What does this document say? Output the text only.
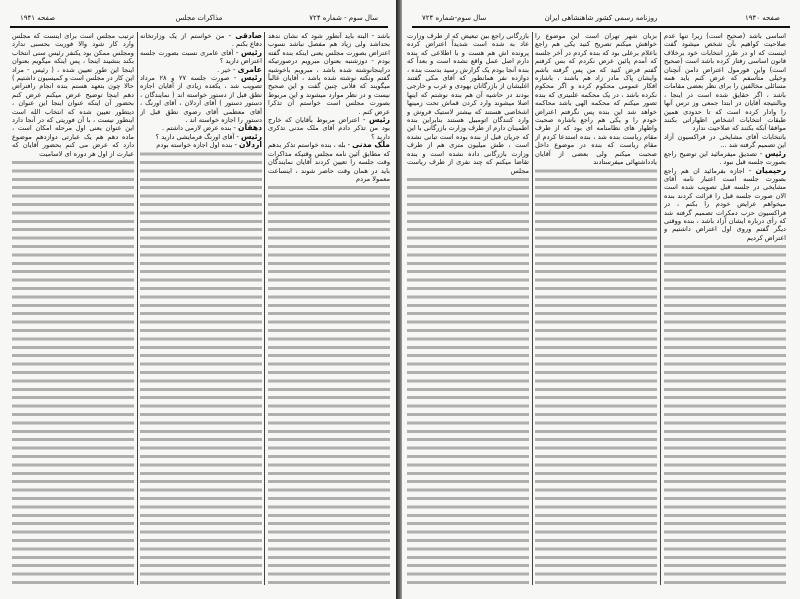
سال سوم - شماره ۷۲۴
مذاکرات مجلس
صفحه ۱۹۴۱

باشد - البته باید آنطور شود که نشان ندهد بحداشد ولی زیاد هم مفصل نباشد نسوب اعتراض بصورت مجلس یعنی اینکه بنده گفته بودم - دوزشنبه بعنوان مبرویم درصورتیکه دراینجانوشته شده باشد ، مبرویم باخوشیه گفتم ونکته نوشته شده باشد ، آقایان غالباً میگویند که فلانی چنین گفت و این صحیح نیست و در نظر موارد میشوند و این مربوط بصورت مجلس است خواستم آن تذکرا عرض کنم .

رئیس - اعتراض مربوط بآقایان که خارج بود من تذکر دادم آقای ملک مدنی تذکری دارید ؟

ملک مدنی - بله ، بنده خواستم تذکر بدهم که مطابق آئین نامه مجلس وقتیکه مذاکرات وقت جلسه را تعیین کردند آقایان نمایندگان باید در همان وقت حاضر شوند ، اینساعت معمولا مردم

صادقی - من خواستم از یک وزارتخانه دفاع بکنم .

رئیس - آقای عامری نسبت بصورت جلسه اعتراض دارید ؟

عامری - خیر .

رئیس - صورت جلسه ۲۷ و ۲۸ مرداد تصویب شد ، یکعده زیادی از آقایان اجازه نطق قبل از دستور خواسته اند ( نمایندگان ، دستور دستور ) آقای اردلان ، آقای اورنگ ، آقای معظمی آقای رضوی نطق قبل از دستور را اجازه خواسته اند .

دهقان - بنده عرض لازمی داشتم .

رئیس - آقای اورنگ فرمایشی دارید ؟

اردلان - بنده اول اجازه خواسته بودم

ترتیب مجلس است برای اینست که مجلس وارد کار شود والا فوریت بحسبی ندارد ومجلس ممکن بود یکنفر رئیس سنی انتخاب بکند بنشیند اینجا ، پس اینکه میگویم بعنوان اینجا این طور تعیین شده ، ( رئیس - مراد این کار در مجلس است و کمیسیون داشتیم ) حالا چون بتعهد هستم بنده انجام رافتراض دهم اینجا توضیح عرض میکنم عرض کنم بحضور آن اینکه عنوان اینجا این عنوان ، دیتطور تعیین شده که انتخاب الله است اینطور نیست ، با آن فوریتی که در آنجا دارد این عنوان یعنی اول مرحله امکان است ، ماده دهم هم یک عبارتی دوازدهم موضوع دارد که عرض می کنم بحضور آقایان که عبارت از اول هر دوره ای لاسامیت

صفحه ۱۹۴۰
روزنامه رسمی کشور شاهنشاهی ایران
سال سوم-شماره ۷۲۴

اساسی باشد (صحیح است) زیرا تنها عدم صلاحیت کواهیم بآن شخص میشود گفت اینست که او در طرز انتخابات خود برخلاف قانون اساسی رفتار کرده باشد است (صحیح است) واین فورمول اعتراض دامن آنچنان وخیلی متأسفم که عرض کنم باید همه مسائلی مخالفین را برای نظر بعضی مقامات باشد ، اگر حقایق شده است در اینجا ، وبالنتیجه آقایان در ابتدا جمعی وز ترس آنها را وادار کرده است که تا حدودی همین طبقات انتخابات اشخاص اظهاراتی بکنند موافقا آنکه بکنند که صلاحیت ندارد

بانتخابات آقای مشایخی در فراکسیون آزاد این تصمیم گرفته شد ...

رئیس - تصدیق میفرمائید این توضیح راجع بصورت جلسه قبل نبود .

رحیمیان - اجازه بفرمائید ان هم راجع بصورت جلسه است اعتبار نامه آقای مشایخی در جلسه قبل تصویب شده است الان صورت جلسه قبل را قرائت کردند بنده میخواهم عرایض خودم را بکنم ، در فراکسیون حزب دمکرات تصمیم گرفته شد که رأی درباره ایشان آزاد باشد ، بنده ووقتی دیگر گفتم وروی اول اعتراض داشتیم و اعتراض کردیم

بزبان شهر تهران است این موضوع را خواهش میکنم تصریح کنید یکی هم راجع باعلام برعلی بود که بنده کردم در آخر جلسه که آمدم پائین عرض نکردم که بس کرفتم گفتم فرض کنید که من پس گرفته باشم وایشان پاک مادر زاد هم باشند ، باشاره افکار عمومی محکوم کرده و اگر محکوم نکرده باشد ، در یک محکمه علنیتری که بنده تصور میکنم که محکمه الهی باشد محاکمه خواهد شد این بنده پس نگرفتم اعتراض خودم را و یکی هم راجع باشاره صحبت واظهار های نظامنامه ای بود که از طرف مقام ریاست بنده شد ، بنده استدعا کردم از مقام ریاست که بنده در موضوع داخل صحبت میکنم ولی بعضی از آقایان یادداشتهائی میفرستادند

بازرگانی راجع بین تبعیض که از طرف وزارت عاد به شده است شدیداً اعتراض کرده پرونده اش هم هست و با اطلاعی که بنده دارم اصل عمل واقع نشده است و بعداً که بنده آنجا بودم یک گزارش رسید بدست بنده ، دوازده نفر همانطور که آقای مکی گفتند اغلبشان از بازرگانان یهودی و عرب و خارجی بودند در حاشیه آن هم بنده نوشتم که اینها اصلا میشوند وارد کردن قماش تحت زمینها اشخاصی هستند که بیشتر لاستیک فروش و وارد کنندگان اتومبیل هستند بنابراین بنده اطمینان دارم از طرف وزارت بازرگانی با این که جریان قبل از بنده بوده است تبانی نشده است ، طش میلیون متری هم از طرف وزارت بازرگانی داده نشده است و بنده تقاضا میکنم که چند نفری از طرف ریاست مجلس
